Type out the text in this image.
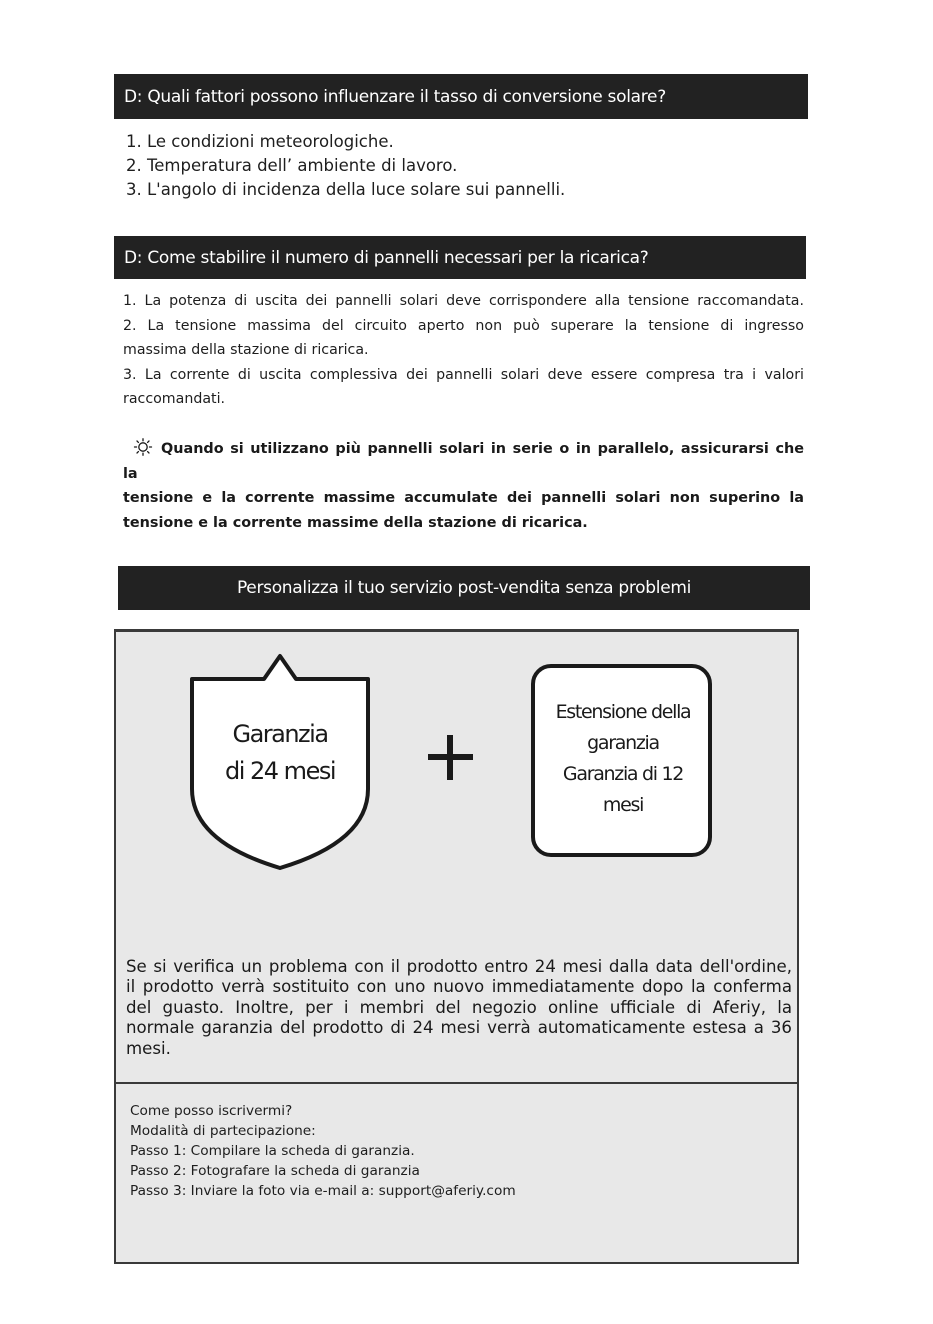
D: Quali fattori possono influenzare il tasso di conversione solare?
1. Le condizioni meteorologiche.
2. Temperatura dell’ ambiente di lavoro.
3. L'angolo di incidenza della luce solare sui pannelli.
D: Come stabilire il numero di pannelli necessari per la ricarica?
1. La potenza di uscita dei pannelli solari deve corrispondere alla tensione raccomandata.
2. La tensione massima del circuito aperto non può superare la tensione di ingresso
massima della stazione di ricarica.
3. La corrente di uscita complessiva dei pannelli solari deve essere compresa tra i valori
raccomandati.
Quando si utilizzano più pannelli solari in serie o in parallelo, assicurarsi che la
tensione e la corrente massime accumulate dei pannelli solari non superino la
tensione e la corrente massime della stazione di ricarica.
Personalizza il tuo servizio post-vendita senza problemi
Garanzia
di 24 mesi
Estensione della
garanzia
Garanzia di 12
mesi
Se si verifica un problema con il prodotto entro 24 mesi dalla data dell'ordine,
il prodotto verrà sostituito con uno nuovo immediatamente dopo la conferma
del guasto. Inoltre, per i membri del negozio online ufficiale di Aferiy, la
normale garanzia del prodotto di 24 mesi verrà automaticamente estesa a 36
mesi.
Come posso iscrivermi?
Modalità di partecipazione:
Passo 1: Compilare la scheda di garanzia.
Passo 2: Fotografare la scheda di garanzia
Passo 3: Inviare la foto via e-mail a: support@aferiy.com
